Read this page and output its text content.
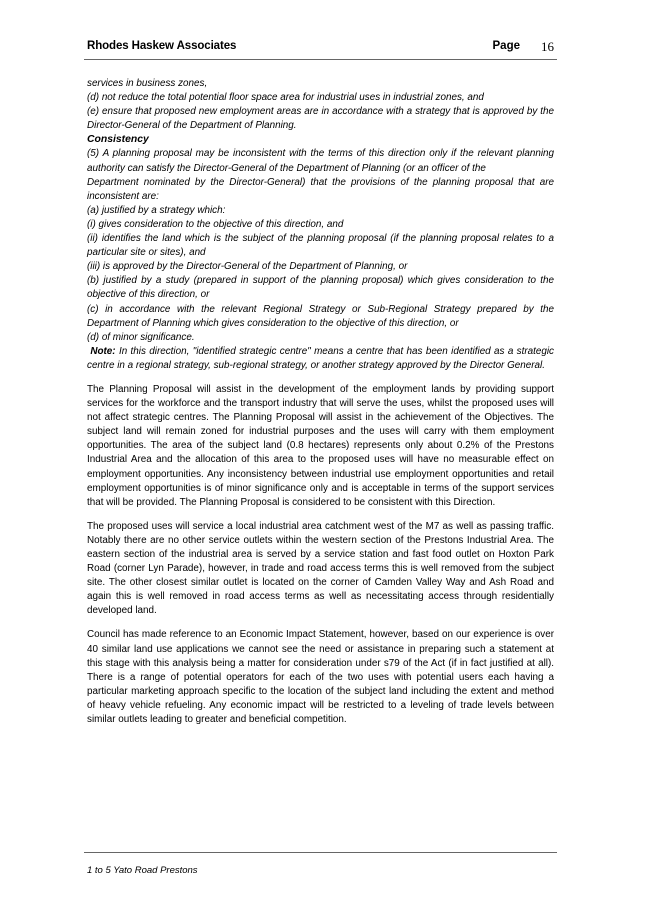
Rhodes Haskew Associates	Page 16

services in business zones,

(d) not reduce the total potential floor space area for industrial uses in industrial zones, and

(e) ensure that proposed new employment areas are in accordance with a strategy that is approved by the Director-General of the Department of Planning.

Consistency

(5) A planning proposal may be inconsistent with the terms of this direction only if the relevant planning authority can satisfy the Director-General of the Department of Planning (or an officer of the

Department nominated by the Director-General) that the provisions of the planning proposal that are inconsistent are:

(a) justified by a strategy which:

(i) gives consideration to the objective of this direction, and

(ii) identifies the land which is the subject of the planning proposal (if the planning proposal relates to a particular site or sites), and

(iii) is approved by the Director-General of the Department of Planning, or

(b) justified by a study (prepared in support of the planning proposal) which gives consideration to the objective of this direction, or

(c) in accordance with the relevant Regional Strategy or Sub-Regional Strategy prepared by the Department of Planning which gives consideration to the objective of this direction, or

(d) of minor significance.

Note: In this direction, "identified strategic centre" means a centre that has been identified as a strategic centre in a regional strategy, sub-regional strategy, or another strategy approved by the Director General.

The Planning Proposal will assist in the development of the employment lands by providing support services for the workforce and the transport industry that will serve the uses, whilst the proposed uses will not affect strategic centres. The Planning Proposal will assist in the achievement of the Objectives. The subject land will remain zoned for industrial purposes and the uses will carry with them employment opportunities. The area of the subject land (0.8 hectares) represents only about 0.2% of the Prestons Industrial Area and the allocation of this area to the proposed uses will have no measurable effect on employment opportunities. Any inconsistency between industrial use employment opportunities and retail employment opportunities is of minor significance only and is acceptable in terms of the support services that will be provided. The Planning Proposal is considered to be consistent with this Direction.

The proposed uses will service a local industrial area catchment west of the M7 as well as passing traffic. Notably there are no other service outlets within the western section of the Prestons Industrial Area. The eastern section of the industrial area is served by a service station and fast food outlet on Hoxton Park Road (corner Lyn Parade), however, in trade and road access terms this is well removed from the subject site. The other closest similar outlet is located on the corner of Camden Valley Way and Ash Road and again this is well removed in road access terms as well as necessitating access through residentially developed land.

Council has made reference to an Economic Impact Statement, however, based on our experience is over 40 similar land use applications we cannot see the need or assistance in preparing such a statement at this stage with this analysis being a matter for consideration under s79 of the Act (if in fact justified at all). There is a range of potential operators for each of the two uses with potential users each having a particular marketing approach specific to the location of the subject land including the extent and method of heavy vehicle refueling. Any economic impact will be restricted to a leveling of trade levels between similar outlets leading to greater and beneficial competition.

1 to 5 Yato Road Prestons
